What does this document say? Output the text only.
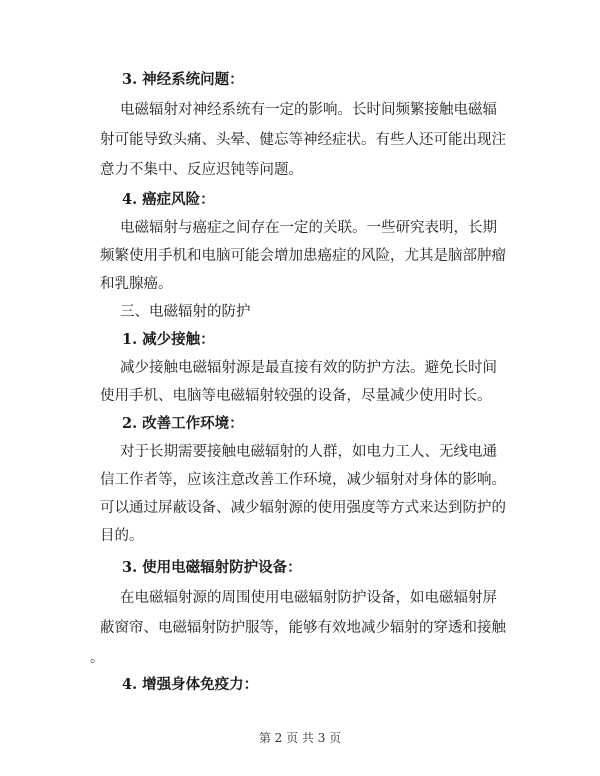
3. 神经系统问题：
电磁辐射对神经系统有一定的影响。长时间频繁接触电磁辐
射可能导致头痛、头晕、健忘等神经症状。有些人还可能出现注
意力不集中、反应迟钝等问题。
4. 癌症风险：
电磁辐射与癌症之间存在一定的关联。一些研究表明，长期
频繁使用手机和电脑可能会增加患癌症的风险，尤其是脑部肿瘤
和乳腺癌。
三、电磁辐射的防护
1. 减少接触：
减少接触电磁辐射源是最直接有效的防护方法。避免长时间
使用手机、电脑等电磁辐射较强的设备，尽量减少使用时长。
2. 改善工作环境：
对于长期需要接触电磁辐射的人群，如电力工人、无线电通
信工作者等，应该注意改善工作环境，减少辐射对身体的影响。
可以通过屏蔽设备、减少辐射源的使用强度等方式来达到防护的
目的。
3. 使用电磁辐射防护设备：
在电磁辐射源的周围使用电磁辐射防护设备，如电磁辐射屏
蔽窗帘、电磁辐射防护服等，能够有效地减少辐射的穿透和接触
。
4. 增强身体免疫力：
第 2 页 共 3 页
